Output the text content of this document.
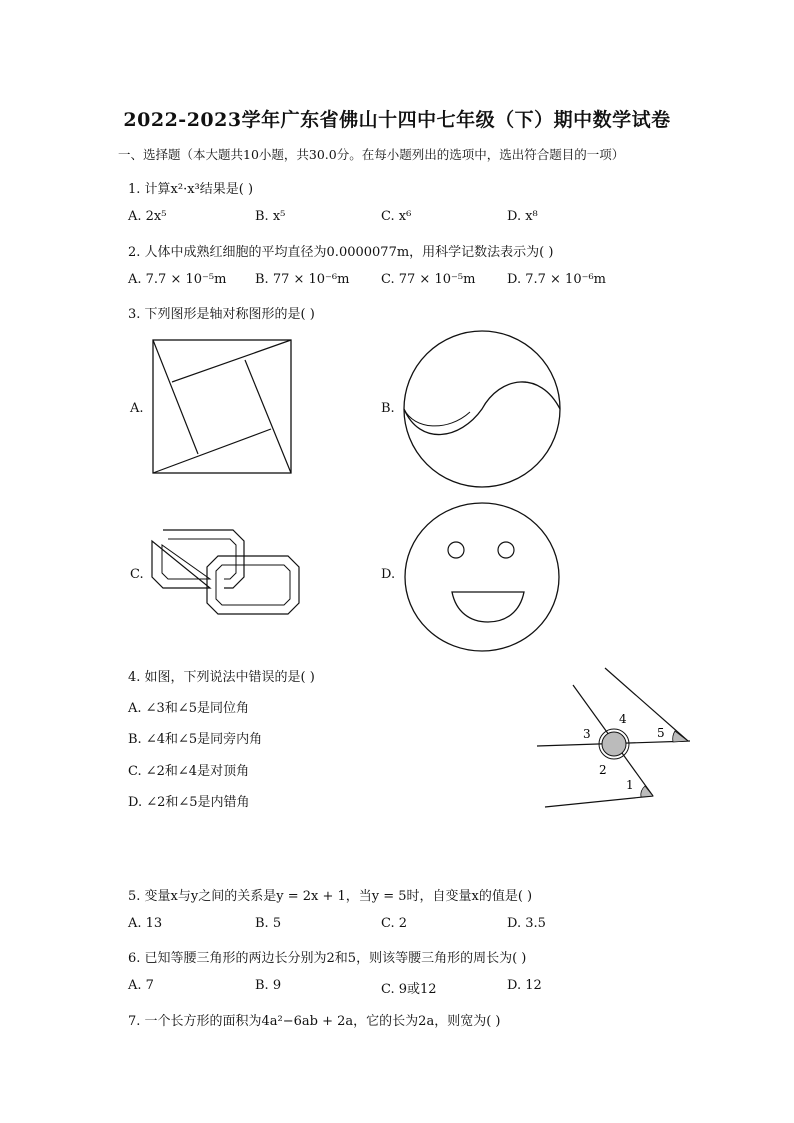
2022-2023学年广东省佛山十四中七年级（下）期中数学试卷
一、选择题（本大题共10小题，共30.0分。在每小题列出的选项中，选出符合题目的一项）
1. 计算x²·x³结果是( )
A. 2x⁵	B. x⁵	C. x⁶	D. x⁸
2. 人体中成熟红细胞的平均直径为0.0000077m，用科学记数法表示为( )
A. 7.7 × 10⁻⁵m B. 77 × 10⁻⁶m C. 77 × 10⁻⁵m D. 7.7 × 10⁻⁶m
3. 下列图形是轴对称图形的是( )
A.	B.
C.	D.
4. 如图，下列说法中错误的是( )
A. ∠3和∠5是同位角
B. ∠4和∠5是同旁内角
C. ∠2和∠4是对顶角
D. ∠2和∠5是内错角
1
2
3
4
5
5. 变量x与y之间的关系是y = 2x + 1，当y = 5时，自变量x的值是( )
A. 13	B. 5	C. 2	D. 3.5
6. 已知等腰三角形的两边长分别为2和5，则该等腰三角形的周长为( )
A. 7	B. 9	C. 9或12	D. 12
7. 一个长方形的面积为4a²−6ab + 2a，它的长为2a，则宽为( )
